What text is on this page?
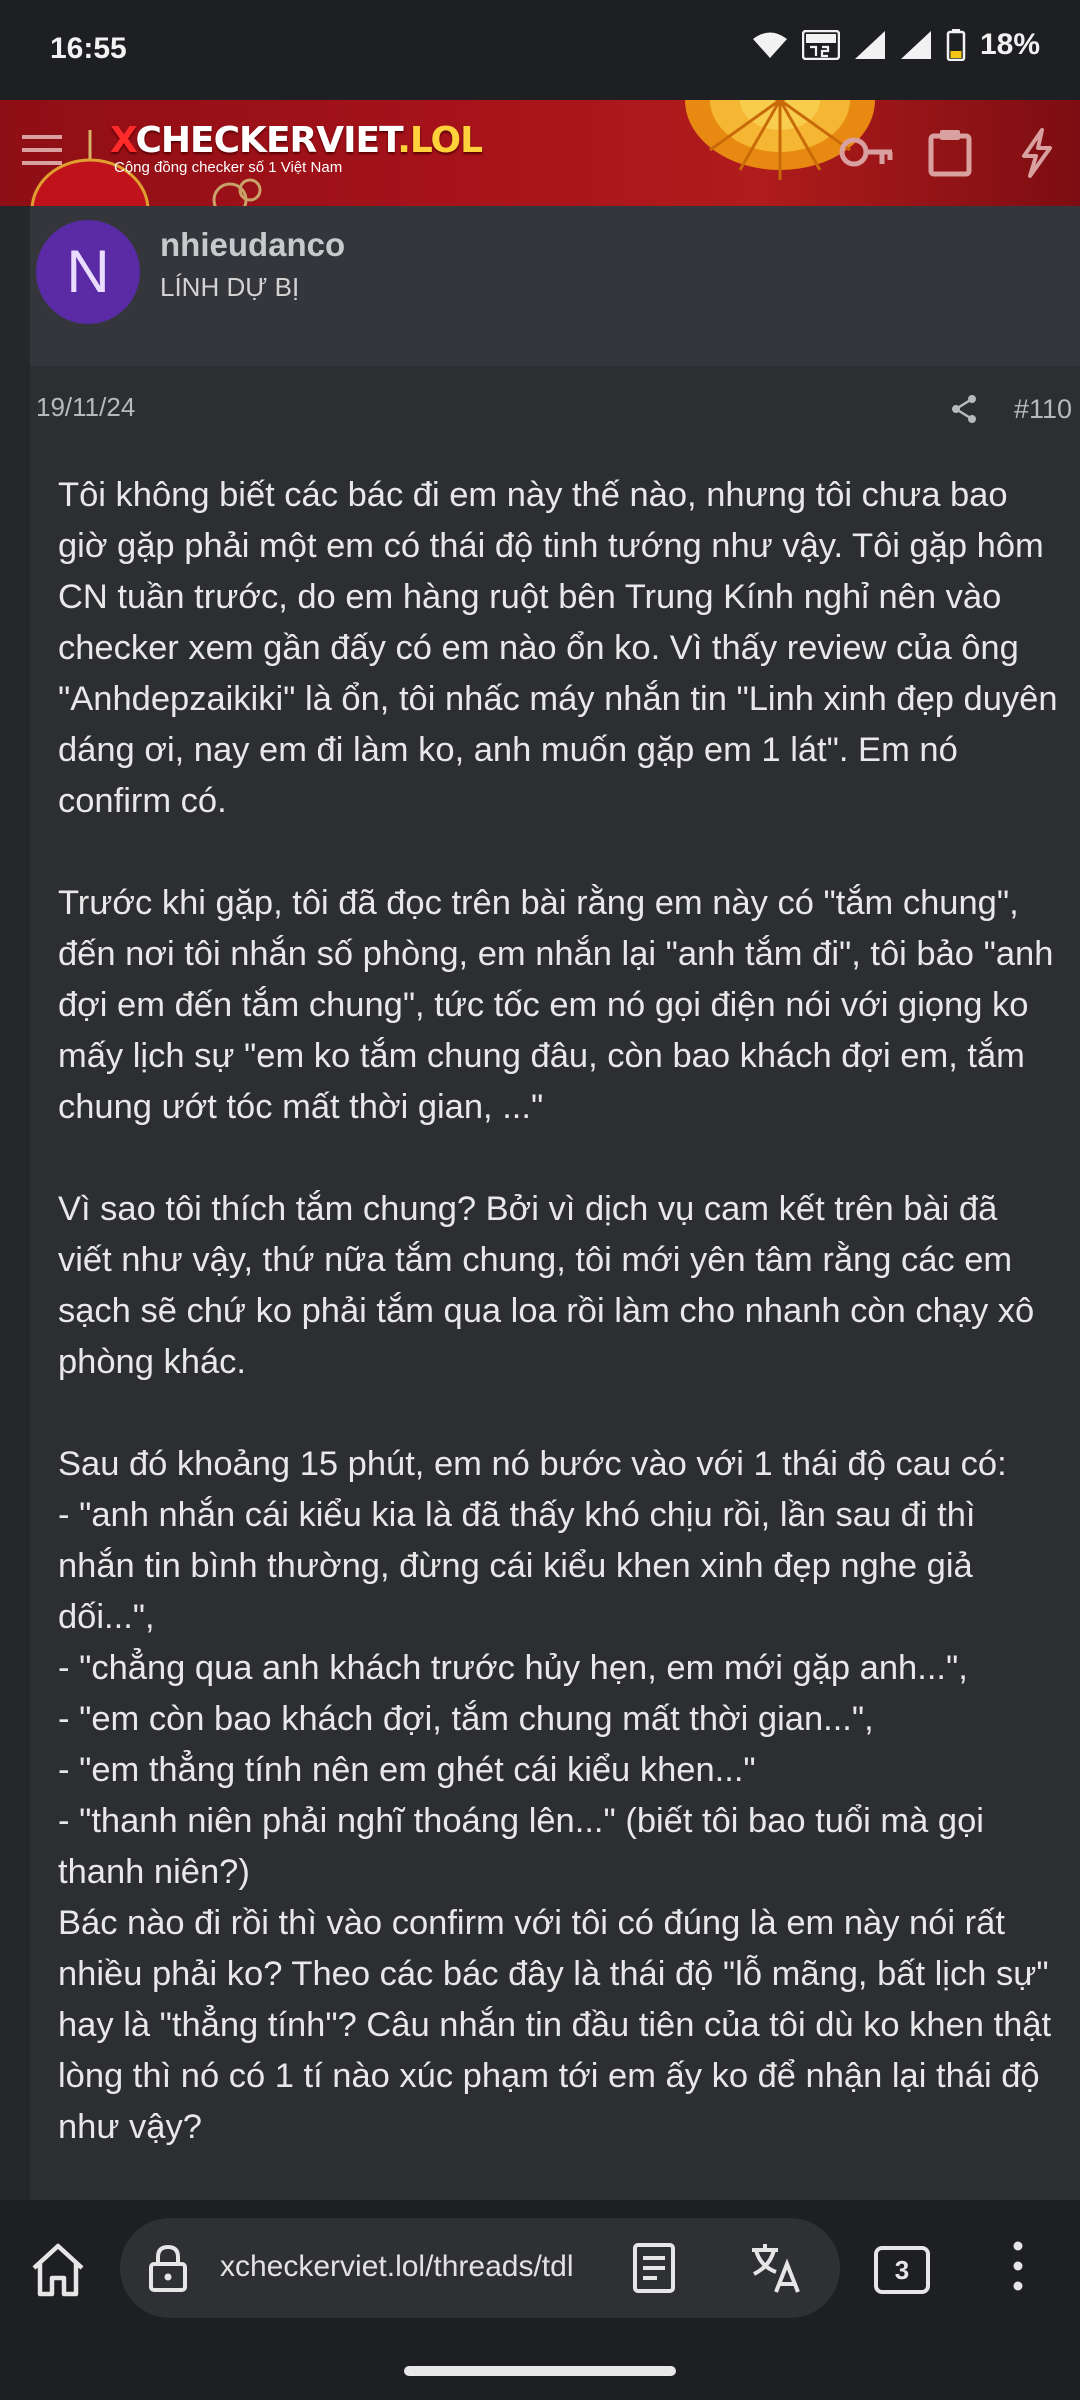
16:55	18%
XCHECKERVIET.LOL
Cộng đồng checker số 1 Việt Nam
N	nhieudanco
LÍNH DỰ BỊ
19/11/24	#110

Tôi không biết các bác đi em này thế nào, nhưng tôi chưa bao giờ gặp phải một em có thái độ tinh tướng như vậy. Tôi gặp hôm CN tuần trước, do em hàng ruột bên Trung Kính nghỉ nên vào checker xem gần đấy có em nào ổn ko. Vì thấy review của ông "Anhdepzaikiki" là ổn, tôi nhấc máy nhắn tin "Linh xinh đẹp duyên dáng ơi, nay em đi làm ko, anh muốn gặp em 1 lát". Em nó confirm có.

Trước khi gặp, tôi đã đọc trên bài rằng em này có "tắm chung", đến nơi tôi nhắn số phòng, em nhắn lại "anh tắm đi", tôi bảo "anh đợi em đến tắm chung", tức tốc em nó gọi điện nói với giọng ko mấy lịch sự "em ko tắm chung đâu, còn bao khách đợi em, tắm chung ướt tóc mất thời gian, ..."

Vì sao tôi thích tắm chung? Bởi vì dịch vụ cam kết trên bài đã viết như vậy, thứ nữa tắm chung, tôi mới yên tâm rằng các em sạch sẽ chứ ko phải tắm qua loa rồi làm cho nhanh còn chạy xô phòng khác.

Sau đó khoảng 15 phút, em nó bước vào với 1 thái độ cau có:

- "anh nhắn cái kiểu kia là đã thấy khó chịu rồi, lần sau đi thì nhắn tin bình thường, đừng cái kiểu khen xinh đẹp nghe giả dối...",

- "chẳng qua anh khách trước hủy hẹn, em mới gặp anh...",

- "em còn bao khách đợi, tắm chung mất thời gian...",

- "em thẳng tính nên em ghét cái kiểu khen..."

- "thanh niên phải nghĩ thoáng lên..." (biết tôi bao tuổi mà gọi thanh niên?)

Bác nào đi rồi thì vào confirm với tôi có đúng là em này nói rất nhiều phải ko? Theo các bác đây là thái độ "lỗ mãng, bất lịch sự" hay là "thẳng tính"? Câu nhắn tin đầu tiên của tôi dù ko khen thật lòng thì nó có 1 tí nào xúc phạm tới em ấy ko để nhận lại thái độ như vậy?

xcheckerviet.lol/threads/tdl	3
